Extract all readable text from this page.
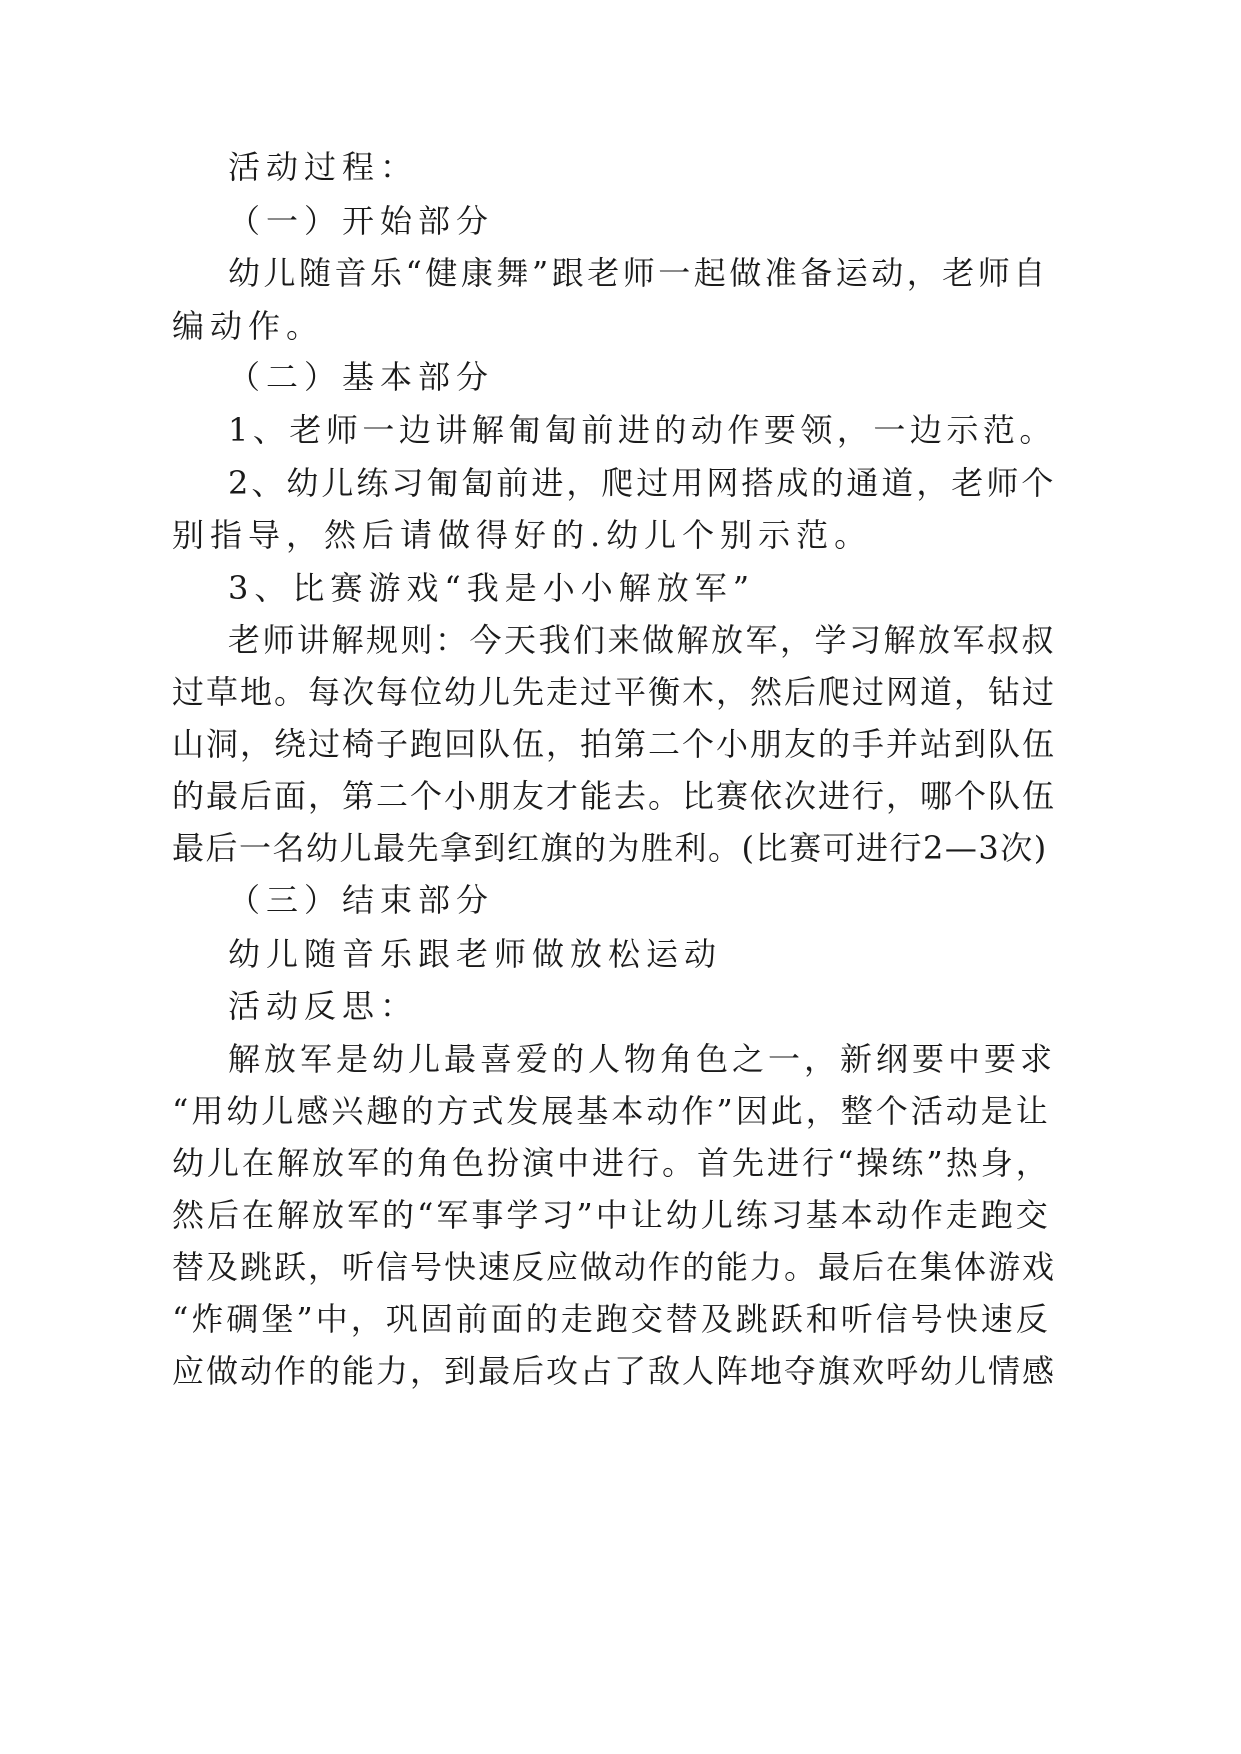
活动过程：
（一）开始部分
幼儿随音乐“健康舞”跟老师一起做准备运动，老师自
编动作。
（二）基本部分
1、老师一边讲解匍匐前进的动作要领，一边示范。
2、幼儿练习匍匐前进，爬过用网搭成的通道，老师个
别指导，然后请做得好的.幼儿个别示范。
3、比赛游戏“我是小小解放军”
老师讲解规则：今天我们来做解放军，学习解放军叔叔
过草地。每次每位幼儿先走过平衡木，然后爬过网道，钻过
山洞，绕过椅子跑回队伍，拍第二个小朋友的手并站到队伍
的最后面，第二个小朋友才能去。比赛依次进行，哪个队伍
最后一名幼儿最先拿到红旗的为胜利。(比赛可进行2—3次)
（三）结束部分
幼儿随音乐跟老师做放松运动
活动反思：
解放军是幼儿最喜爱的人物角色之一，新纲要中要求
“用幼儿感兴趣的方式发展基本动作”因此，整个活动是让
幼儿在解放军的角色扮演中进行。首先进行“操练”热身，
然后在解放军的“军事学习”中让幼儿练习基本动作走跑交
替及跳跃，听信号快速反应做动作的能力。最后在集体游戏
“炸碉堡”中，巩固前面的走跑交替及跳跃和听信号快速反
应做动作的能力，到最后攻占了敌人阵地夺旗欢呼幼儿情感
